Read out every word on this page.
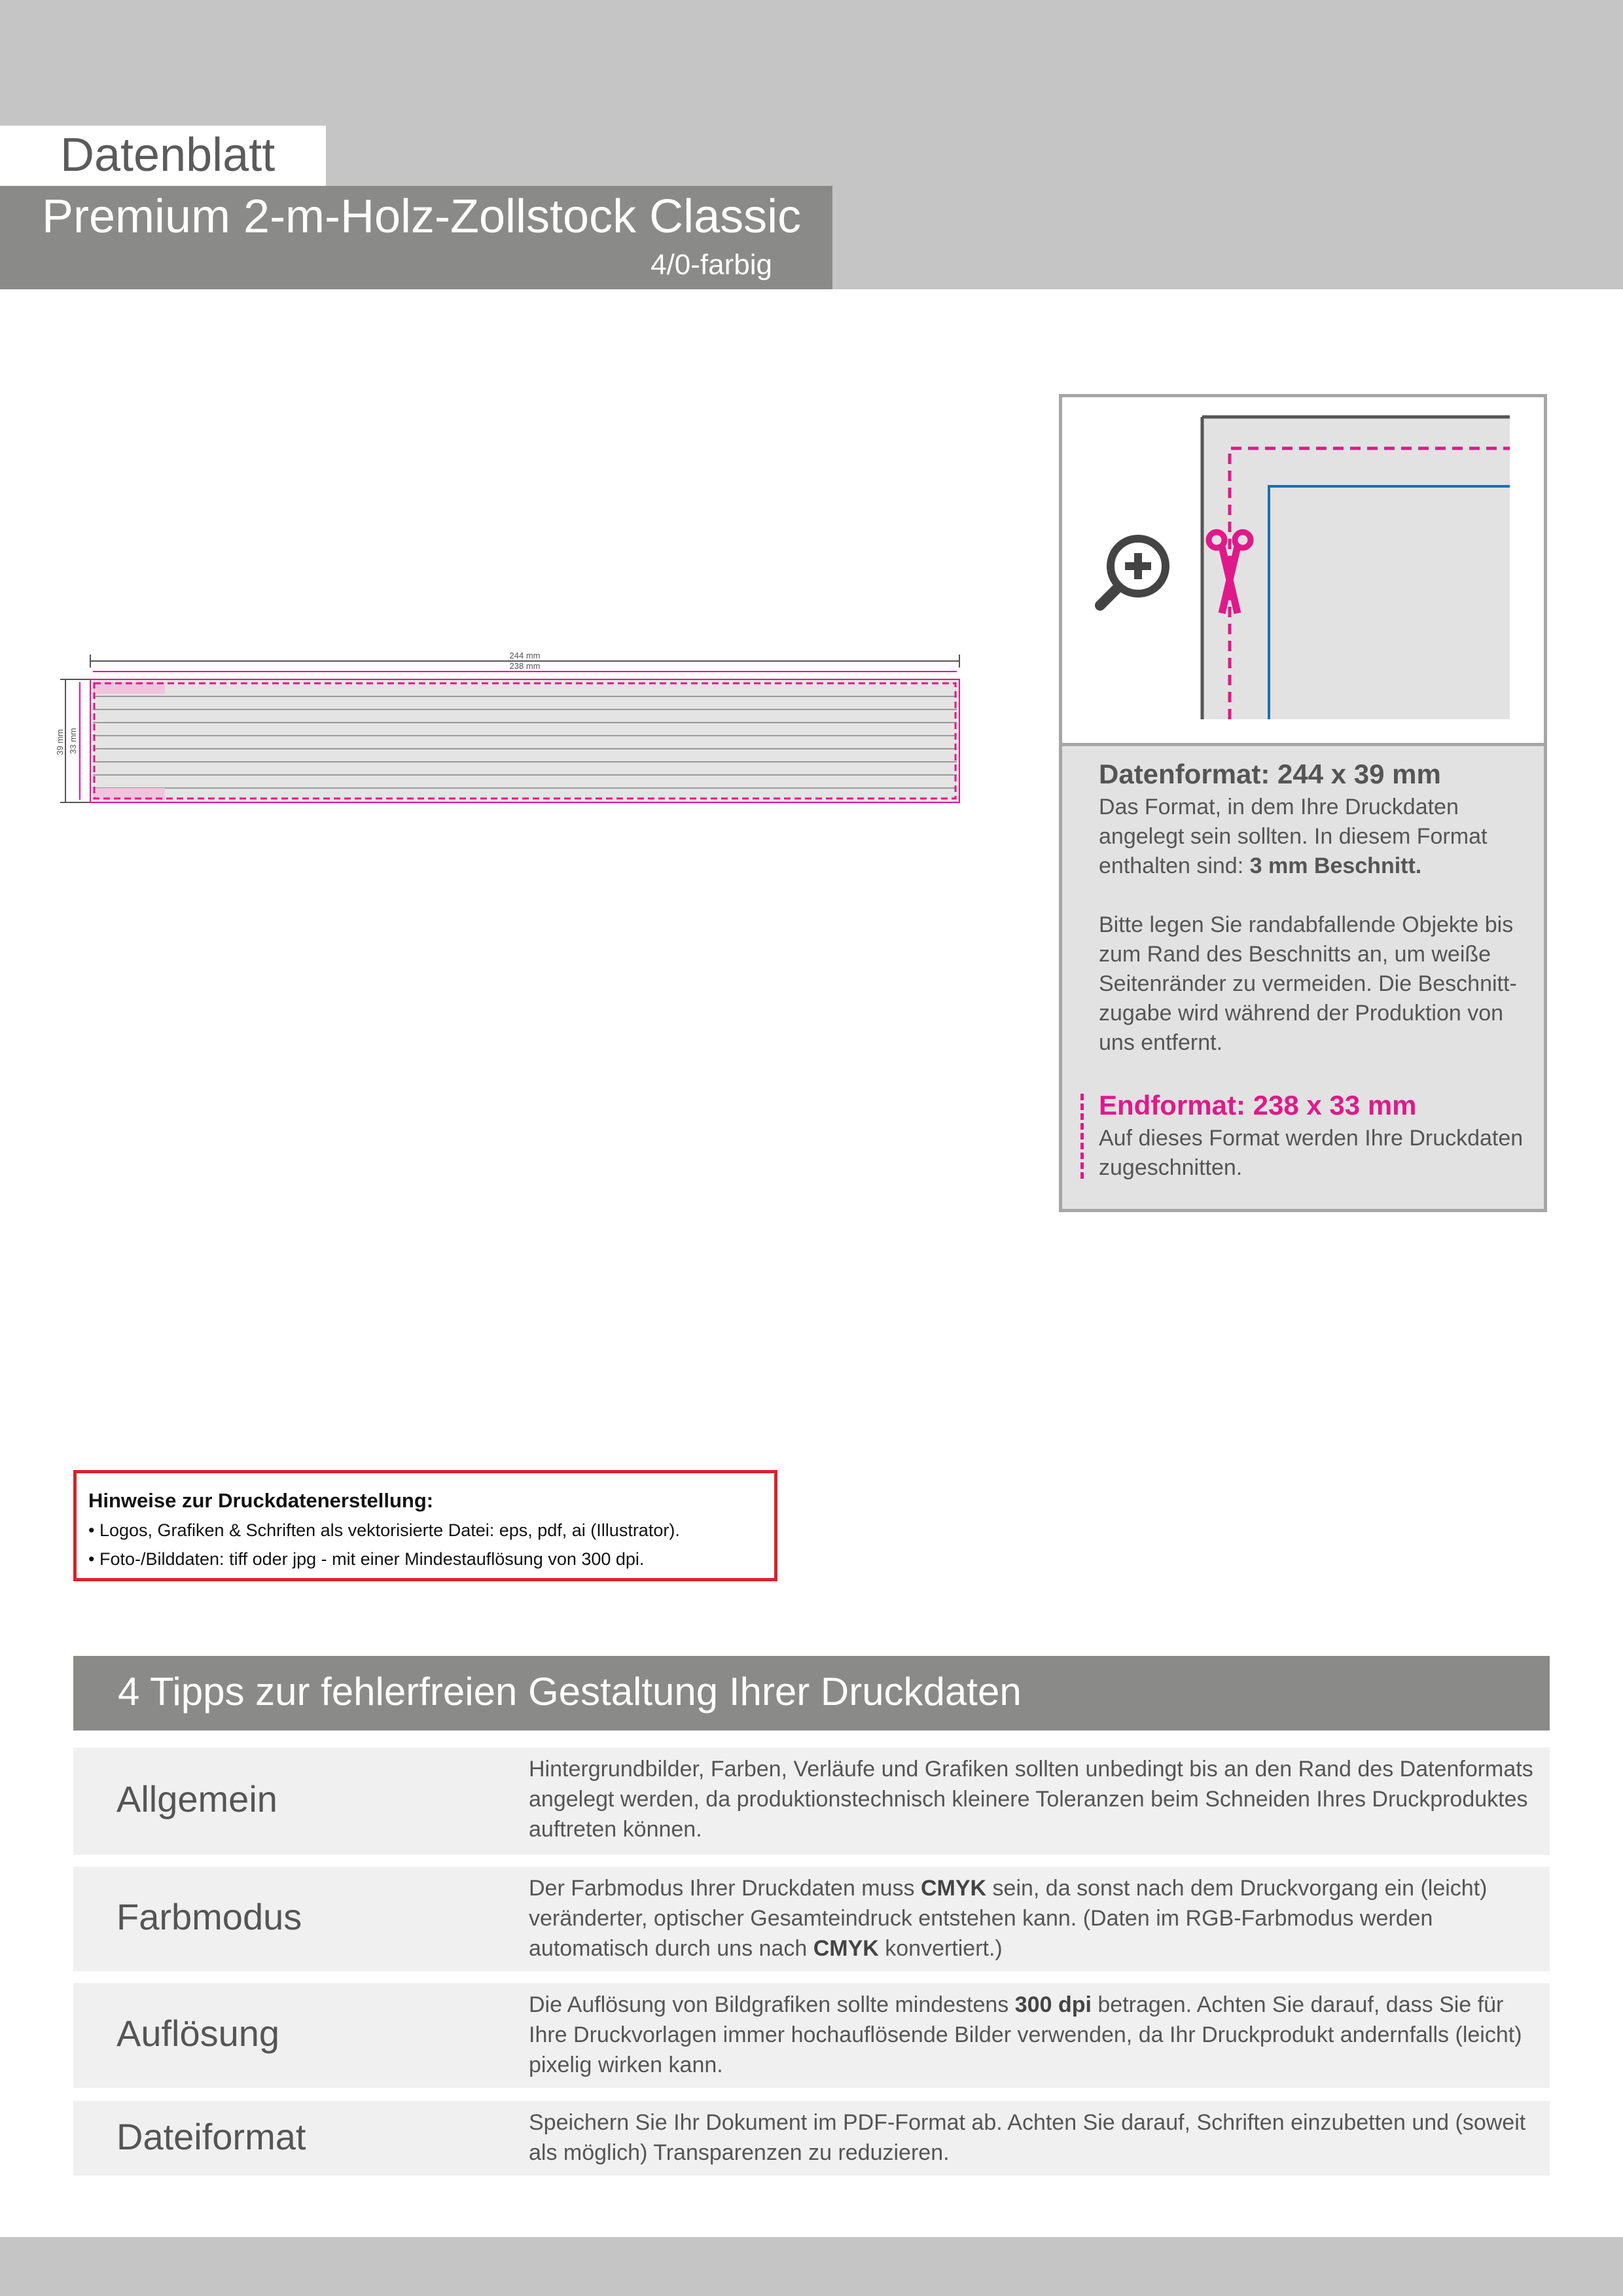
Datenblatt
Premium 2-m-Holz-Zollstock Classic
4/0-farbig
244 mm
238 mm
39 mm 33 mm
Datenformat: 244 x 39 mm

Das Format, in dem Ihre Druckdaten angelegt sein sollten. In diesem Format enthalten sind: 3 mm Beschnitt.

Bitte legen Sie randabfallende Objekte bis zum Rand des Beschnitts an, um weiße Seitenränder zu vermeiden. Die Beschnitt-zugabe wird während der Produktion von uns entfernt.

Endformat: 238 x 33 mm

Auf dieses Format werden Ihre Druckdaten zugeschnitten.

Hinweise zur Druckdatenerstellung:
• Logos, Grafiken & Schriften als vektorisierte Datei: eps, pdf, ai (Illustrator).
• Foto-/Bilddaten: tiff oder jpg - mit einer Mindestauflösung von 300 dpi.
4 Tipps zur fehlerfreien Gestaltung Ihrer Druckdaten
Allgemein
Hintergrundbilder, Farben, Verläufe und Grafiken sollten unbedingt bis an den Rand des Datenformats angelegt werden, da produktionstechnisch kleinere Toleranzen beim Schneiden Ihres Druckproduktes auftreten können.
Farbmodus
Der Farbmodus Ihrer Druckdaten muss CMYK sein, da sonst nach dem Druckvorgang ein (leicht) veränderter, optischer Gesamteindruck entstehen kann. (Daten im RGB-Farbmodus werden automatisch durch uns nach CMYK konvertiert.)
Auflösung
Die Auflösung von Bildgrafiken sollte mindestens 300 dpi betragen. Achten Sie darauf, dass Sie für Ihre Druckvorlagen immer hochauflösende Bilder verwenden, da Ihr Druckprodukt andernfalls (leicht) pixelig wirken kann.
Dateiformat	Speichern Sie Ihr Dokument im PDF-Format ab. Achten Sie darauf, Schriften einzubetten und (soweit als möglich) Transparenzen zu reduzieren.
